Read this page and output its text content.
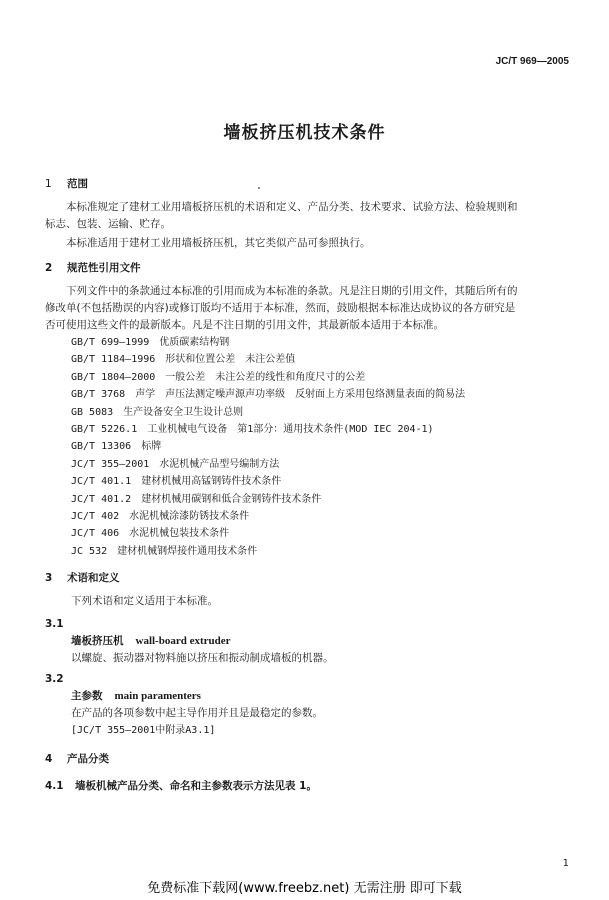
JC/T 969—2005
墙板挤压机技术条件
1 范围
本标准规定了建材工业用墙板挤压机的术语和定义、产品分类、技术要求、试验方法、检验规则和
标志、包装、运输、贮存。
本标准适用于建材工业用墙板挤压机，其它类似产品可参照执行。
2 规范性引用文件
下列文件中的条款通过本标准的引用而成为本标准的条款。凡是注日期的引用文件，其随后所有的
修改单(不包括勘误的内容)或修订版均不适用于本标准，然而，鼓励根据本标准达成协议的各方研究是
否可使用这些文件的最新版本。凡是不注日期的引用文件，其最新版本适用于本标准。
GB/T 699—1999　 优质碳素结构钢
GB/T 1184—1996　 形状和位置公差　未注公差值
GB/T 1804—2000　 一般公差　未注公差的线性和角度尺寸的公差
GB/T 3768　 声学　声压法测定噪声源声功率级　反射面上方采用包络测量表面的简易法
GB 5083　 生产设备安全卫生设计总则
GB/T 5226.1　 工业机械电气设备　第1部分：通用技术条件(MOD IEC 204-1)
GB/T 13306　 标牌
JC/T 355—2001　 水泥机械产品型号编制方法
JC/T 401.1　 建材机械用高锰钢铸件技术条件
JC/T 401.2　 建材机械用碳钢和低合金钢铸件技术条件
JC/T 402　 水泥机械涂漆防锈技术条件
JC/T 406　 水泥机械包装技术条件
JC 532　 建材机械钢焊接件通用技术条件
3 术语和定义
下列术语和定义适用于本标准。
3.1
墙板挤压机 wall-board extruder
以螺旋、振动器对物料施以挤压和振动制成墙板的机器。
3.2
主参数 main paramenters
在产品的各项参数中起主导作用并且是最稳定的参数。
[JC/T 355—2001中附录A3.1]
4 产品分类
4.1 墙板机械产品分类、命名和主参数表示方法见表 1。
1
免费标准下载网(www.freebz.net) 无需注册 即可下载
